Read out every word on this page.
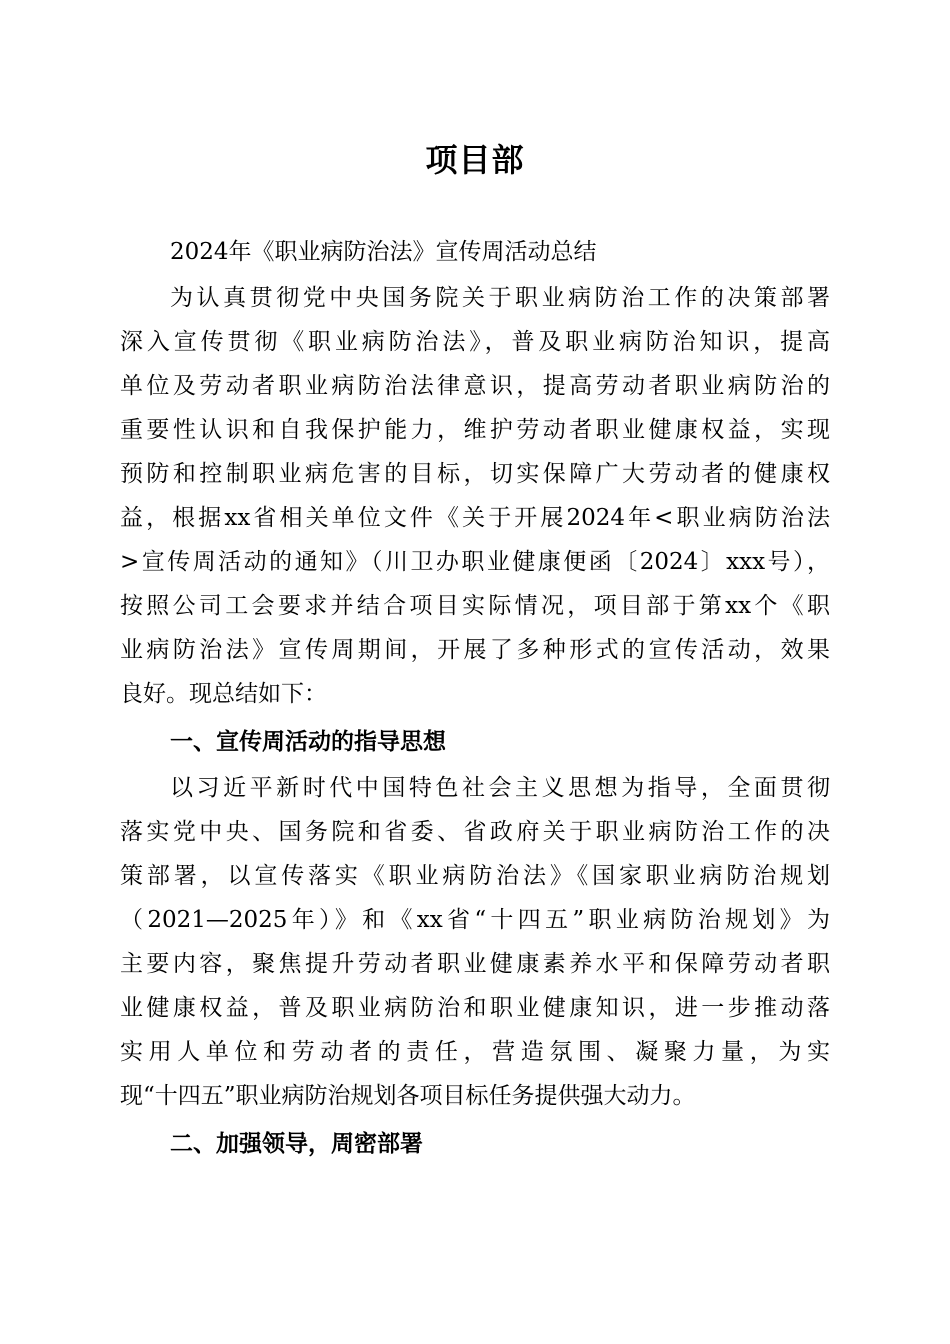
项目部
2024年《职业病防治法》宣传周活动总结
为认真贯彻党中央国务院关于职业病防治工作的决策部署
深入宣传贯彻《职业病防治法》，普及职业病防治知识，提高
单位及劳动者职业病防治法律意识，提高劳动者职业病防治的
重要性认识和自我保护能力，维护劳动者职业健康权益，实现
预防和控制职业病危害的目标，切实保障广大劳动者的健康权
益，根据xx省相关单位文件《关于开展2024年<职业病防治法
>宣传周活动的通知》（川卫办职业健康便函〔2024〕xxx号），
按照公司工会要求并结合项目实际情况，项目部于第xx个《职
业病防治法》宣传周期间，开展了多种形式的宣传活动，效果
良好。现总结如下：
一、宣传周活动的指导思想
以习近平新时代中国特色社会主义思想为指导，全面贯彻
落实党中央、国务院和省委、省政府关于职业病防治工作的决
策部署，以宣传落实《职业病防治法》《国家职业病防治规划
（2021—2025年）》和《xx省“十四五”职业病防治规划》为
主要内容，聚焦提升劳动者职业健康素养水平和保障劳动者职
业健康权益，普及职业病防治和职业健康知识，进一步推动落
实用人单位和劳动者的责任，营造氛围、凝聚力量，为实
现“十四五”职业病防治规划各项目标任务提供强大动力。
二、加强领导，周密部署
